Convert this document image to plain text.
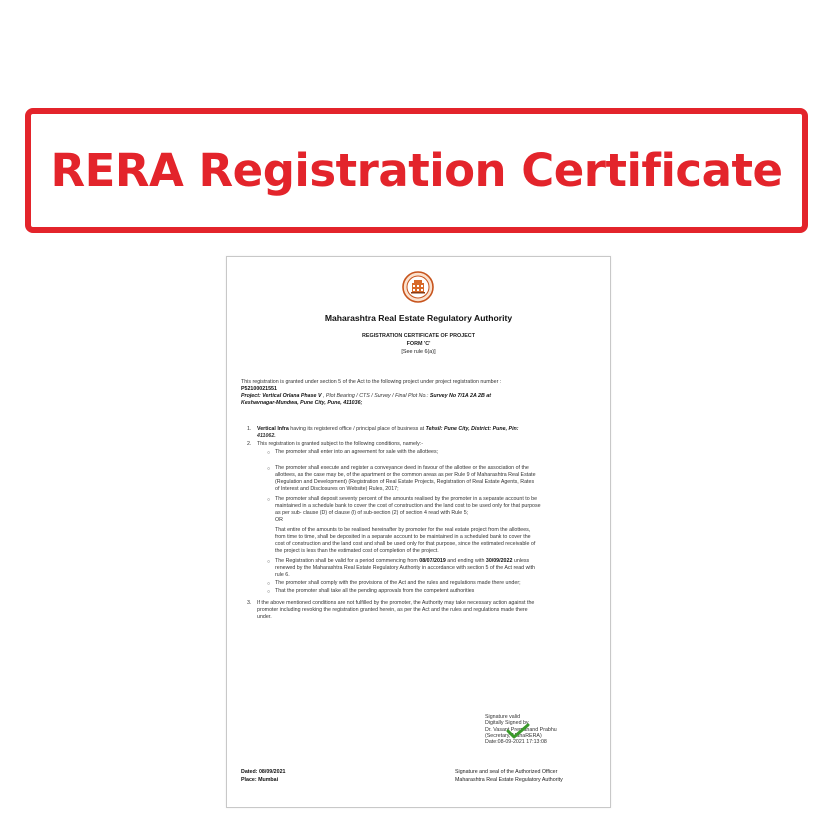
RERA Registration Certificate
Maharashtra Real Estate Regulatory Authority
REGISTRATION CERTIFICATE OF PROJECT
FORM 'C'
[See rule 6(a)]
This registration is granted under section 5 of the Act to the following project under project registration number :
P52100021551
Project: Vertical Orlana Phase V , Plot Bearing / CTS / Survey / Final Plot No.: Survey No 7/1A 2A 2B at
Keshavnagar-Mundwa, Pune City, Pune, 411036;
1. Vertical Infra having its registered office / principal place of business at Tehsil: Pune City, District: Pune, Pin:
411062.
2. This registration is granted subject to the following conditions, namely:-
○ The promoter shall enter into an agreement for sale with the allottees;
○ The promoter shall execute and register a conveyance deed in favour of the allottee or the association of the
allottees, as the case may be, of the apartment or the common areas as per Rule 9 of Maharashtra Real Estate
(Regulation and Development) (Registration of Real Estate Projects, Registration of Real Estate Agents, Rates
of Interest and Disclosures on Website) Rules, 2017;
○ The promoter shall deposit seventy percent of the amounts realised by the promoter in a separate account to be
maintained in a schedule bank to cover the cost of construction and the land cost to be used only for that purpose
as per sub- clause (D) of clause (l) of sub-section (2) of section 4 read with Rule 5;
OR
That entire of the amounts to be realised hereinafter by promoter for the real estate project from the allottees,
from time to time, shall be deposited in a separate account to be maintained in a scheduled bank to cover the
cost of construction and the land cost and shall be used only for that purpose, since the estimated receivable of
the project is less than the estimated cost of completion of the project.
○ The Registration shall be valid for a period commencing from 08/07/2019 and ending with 30/09/2022 unless
renewed by the Maharashtra Real Estate Regulatory Authority in accordance with section 5 of the Act read with
rule 6.
○ The promoter shall comply with the provisions of the Act and the rules and regulations made there under;
○ That the promoter shall take all the pending approvals from the competent authorities
3. If the above mentioned conditions are not fulfilled by the promoter, the Authority may take necessary action against the
promoter including revoking the registration granted herein, as per the Act and the rules and regulations made there
under.
Signature valid
Digitally Signed by
Dr. Vasant Premanand Prabhu
(Secretary, MahaRERA)
Date:08-09-2021 17:13:08
Dated: 08/09/2021
Place: Mumbai
Signature and seal of the Authorized Officer
Maharashtra Real Estate Regulatory Authority
